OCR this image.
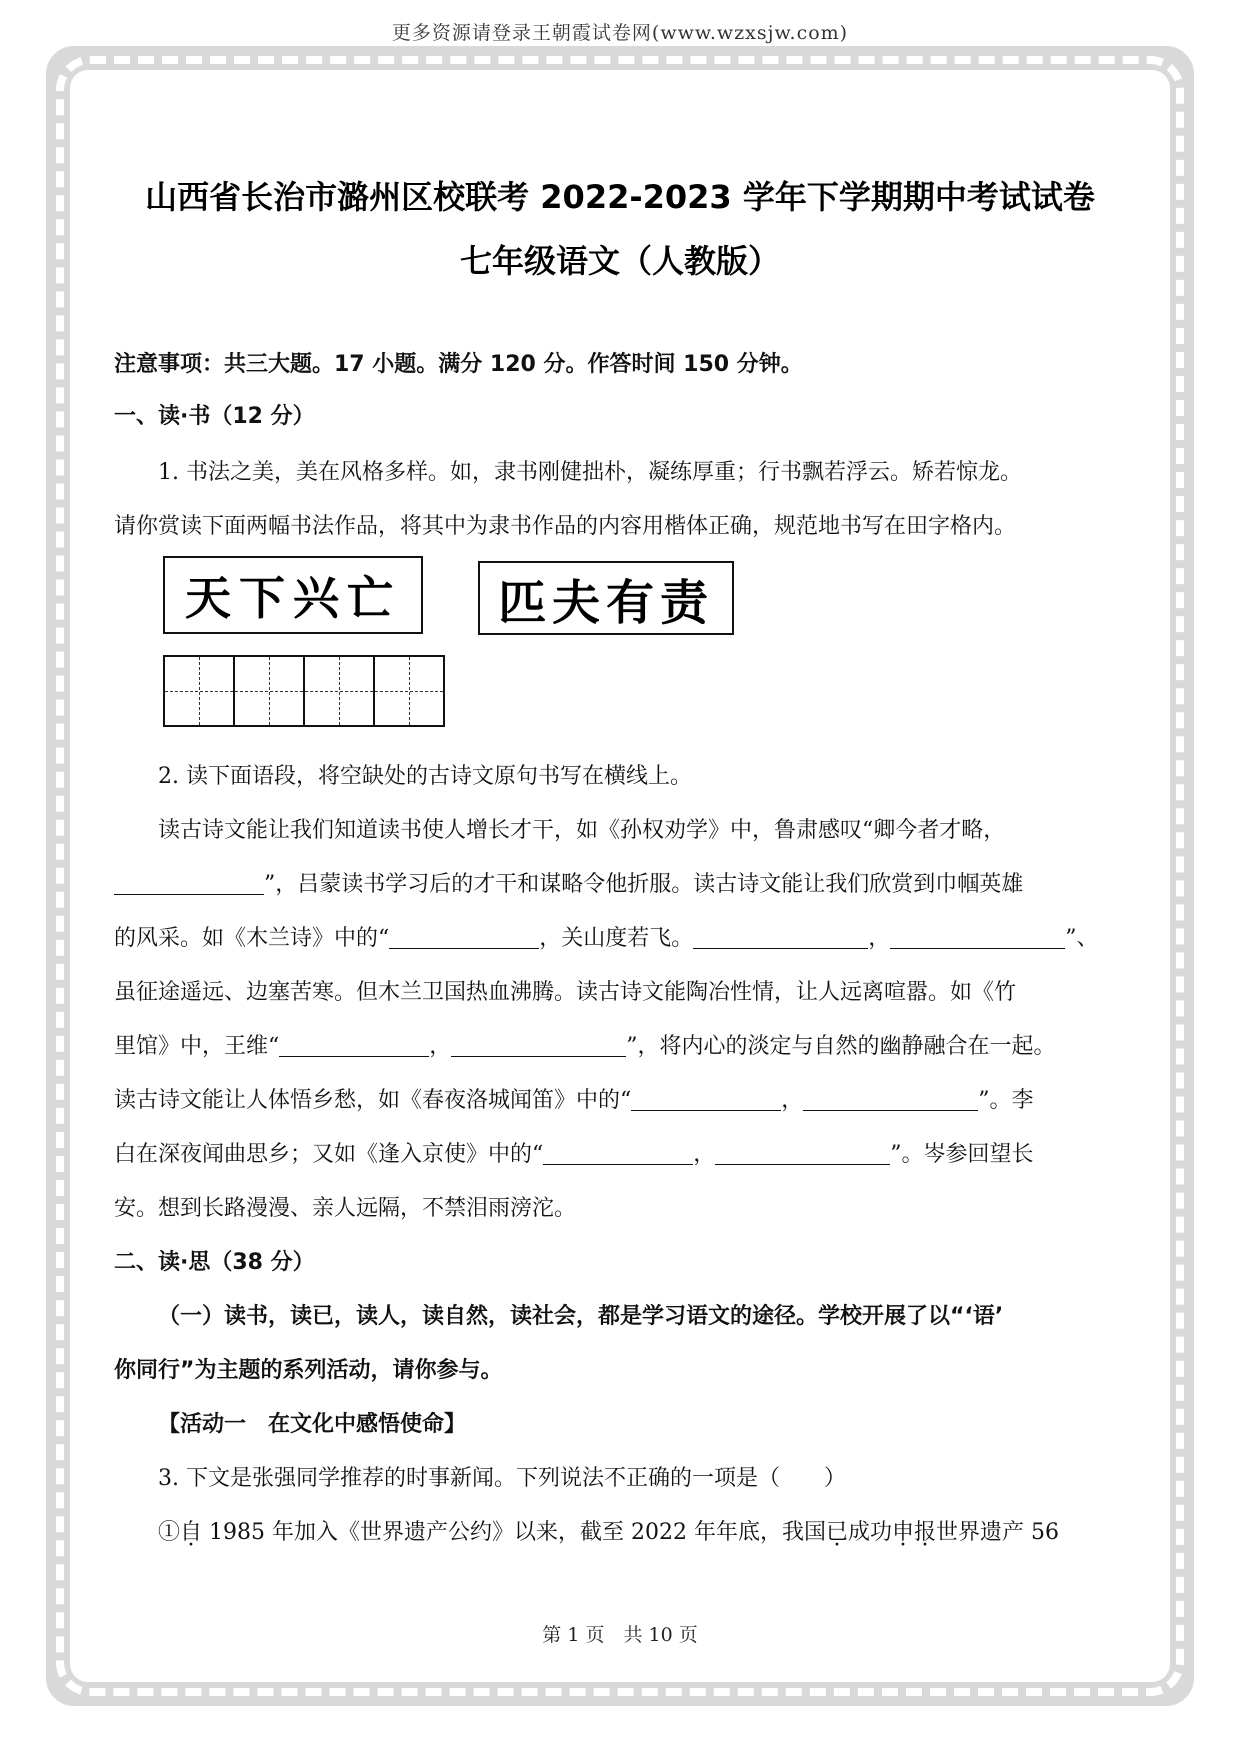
更多资源请登录王朝霞试卷网(www.wzxsjw.com)
山西省长治市潞州区校联考 2022-2023 学年下学期期中考试试卷
七年级语文（人教版）
注意事项：共三大题。17 小题。满分 120 分。作答时间 150 分钟。
一、读·书（12 分）
1. 书法之美，美在风格多样。如，隶书刚健拙朴，凝练厚重；行书飘若浮云。矫若惊龙。
请你赏读下面两幅书法作品，将其中为隶书作品的内容用楷体正确，规范地书写在田字格内。
天下兴亡	匹夫有责
2. 读下面语段，将空缺处的古诗文原句书写在横线上。
读古诗文能让我们知道读书使人增长才干，如《孙权劝学》中，鲁肃感叹“卿今者才略，
”，吕蒙读书学习后的才干和谋略令他折服。读古诗文能让我们欣赏到巾帼英雄
的风采。如《木兰诗》中的“	，关山度若飞。	，	”、
虽征途遥远、边塞苦寒。但木兰卫国热血沸腾。读古诗文能陶冶性情，让人远离喧嚣。如《竹
里馆》中，王维“	，	”，将内心的淡定与自然的幽静融合在一起。
读古诗文能让人体悟乡愁，如《春夜洛城闻笛》中的“	，	”。李
白在深夜闻曲思乡；又如《逢入京使》中的“	，	”。岑参回望长
安。想到长路漫漫、亲人远隔，不禁泪雨滂沱。
二、读·思（38 分）
（一）读书，读已，读人，读自然，读社会，都是学习语文的途径。学校开展了以“‘语’
你同行”为主题的系列活动，请你参与。
【活动一　在文化中感悟使命】
3. 下文是张强同学推荐的时事新闻。下列说法不正确的一项是（　　）
①自 1985 年加入《世界遗产公约》以来，截至 2022 年年底，我国已成功申报世界遗产 56
第 1 页　共 10 页
